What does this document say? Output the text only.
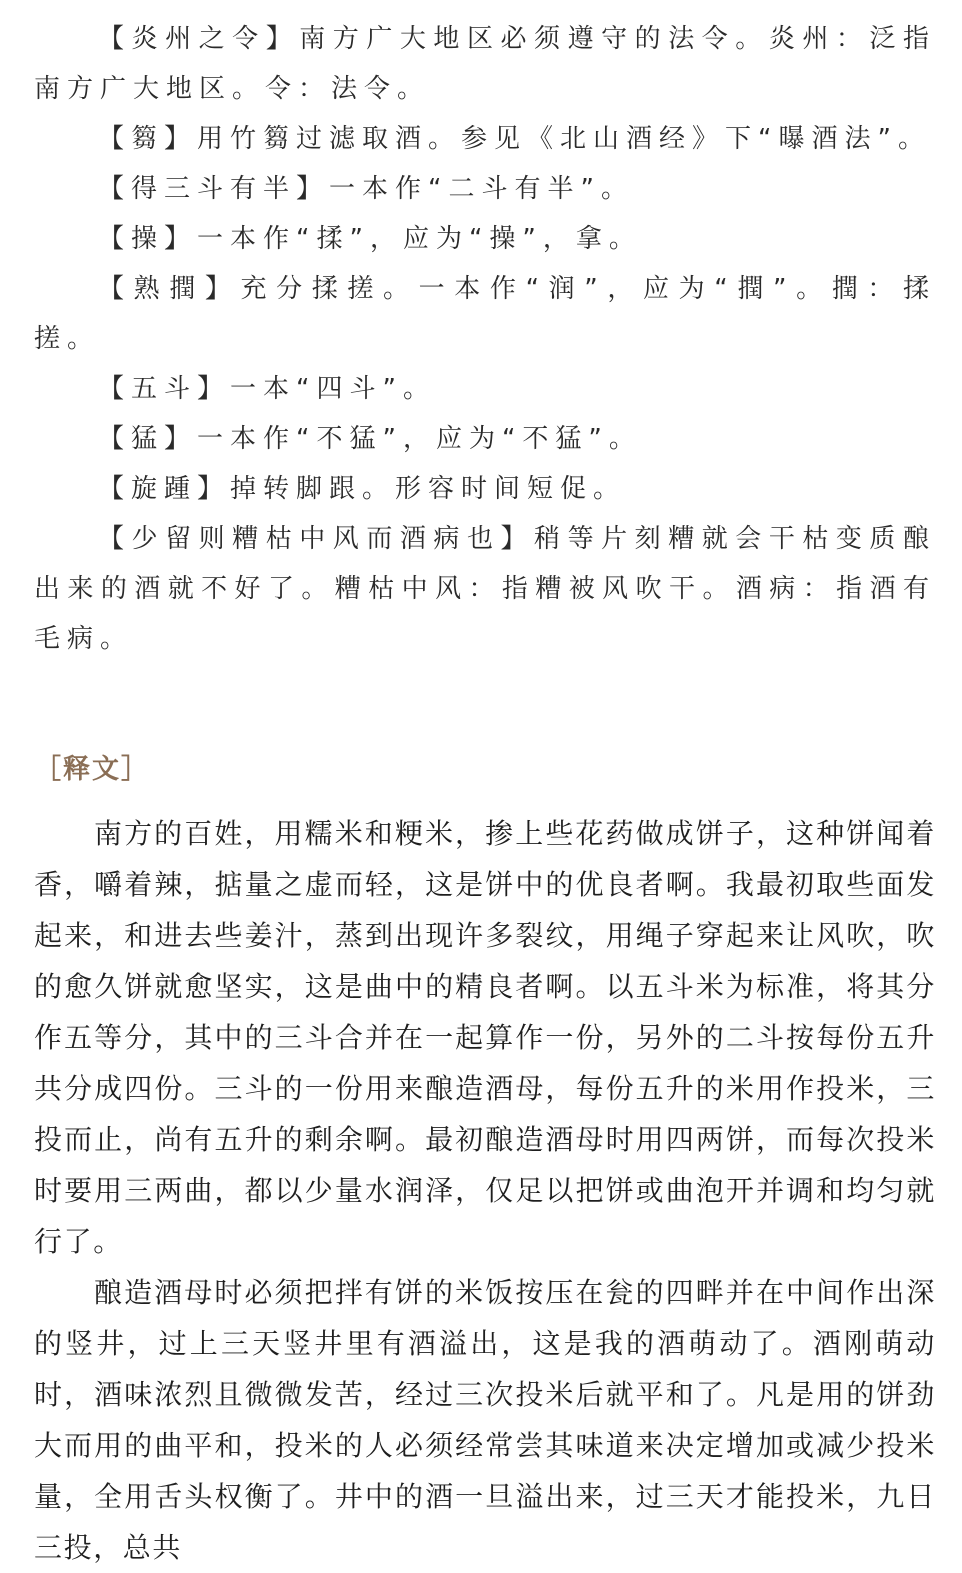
【炎州之令】南方广大地区必须遵守的法令。炎州：泛指南方广大地区。令：法令。

【篘】用竹篘过滤取酒。参见《北山酒经》下“曝酒法”。

【得三斗有半】一本作“二斗有半”。

【操】一本作“揉”，应为“操”，拿。

【熟撋】充分揉搓。一本作“润”，应为“撋”。撋：揉搓。

【五斗】一本“四斗”。

【猛】一本作“不猛”，应为“不猛”。

【旋踵】掉转脚跟。形容时间短促。

【少留则糟枯中风而酒病也】稍等片刻糟就会干枯变质酿出来的酒就不好了。糟枯中风：指糟被风吹干。酒病：指酒有毛病。

［释文］

南方的百姓，用糯米和粳米，掺上些花药做成饼子，这种饼闻着香，嚼着辣，掂量之虚而轻，这是饼中的优良者啊。我最初取些面发起来，和进去些姜汁，蒸到出现许多裂纹，用绳子穿起来让风吹，吹的愈久饼就愈坚实，这是曲中的精良者啊。以五斗米为标准，将其分作五等分，其中的三斗合并在一起算作一份，另外的二斗按每份五升共分成四份。三斗的一份用来酿造酒母，每份五升的米用作投米，三投而止，尚有五升的剩余啊。最初酿造酒母时用四两饼，而每次投米时要用三两曲，都以少量水润泽，仅足以把饼或曲泡开并调和均匀就行了。

酿造酒母时必须把拌有饼的米饭按压在瓮的四畔并在中间作出深的竖井，过上三天竖井里有酒溢出，这是我的酒萌动了。酒刚萌动时，酒味浓烈且微微发苦，经过三次投米后就平和了。凡是用的饼劲大而用的曲平和，投米的人必须经常尝其味道来决定增加或减少投米量，全用舌头权衡了。井中的酒一旦溢出来，过三天才能投米，九日三投，总共
